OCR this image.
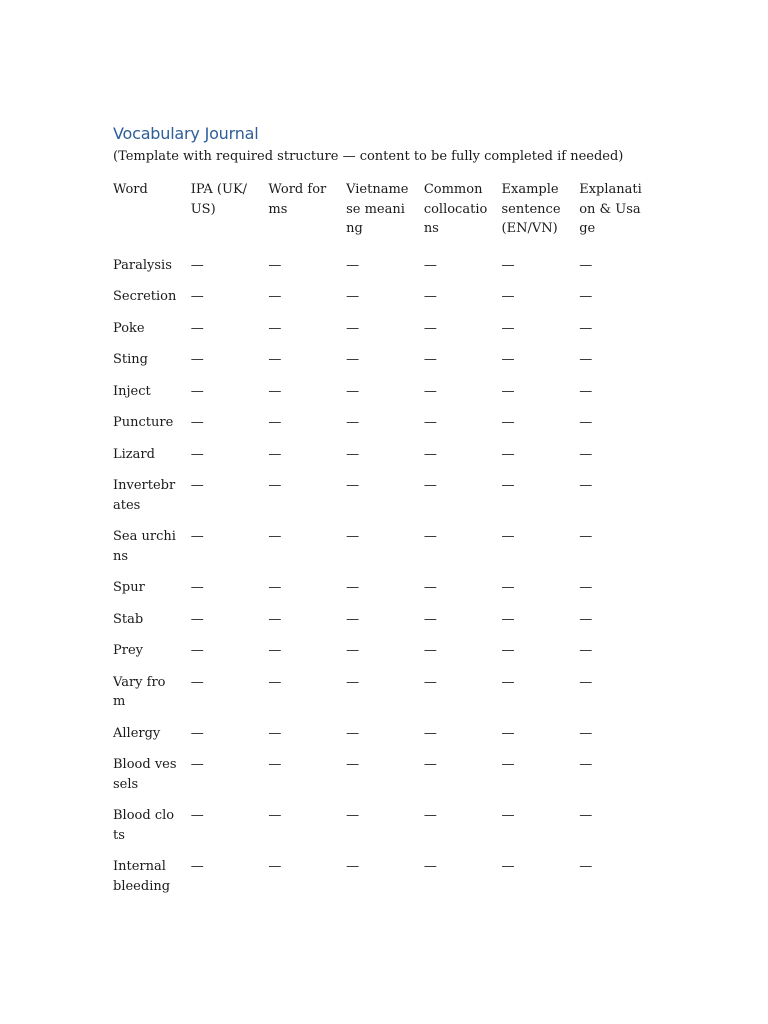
Vocabulary Journal

(Template with required structure — content to be fully completed if needed)

Word	IPA (UK/US)	Word forms	Vietnamese meaning	Common collocations	Example sentence (EN/VN)	Explanation & Usage
Paralysis	—	—	—	—	—	—
Secretion	—	—	—	—	—	—
Poke	—	—	—	—	—	—
Sting	—	—	—	—	—	—
Inject	—	—	—	—	—	—
Puncture	—	—	—	—	—	—
Lizard	—	—	—	—	—	—
Invertebrates	—	—	—	—	—	—
Sea urchins	—	—	—	—	—	—
Spur	—	—	—	—	—	—
Stab	—	—	—	—	—	—
Prey	—	—	—	—	—	—
Vary from	—	—	—	—	—	—
Allergy	—	—	—	—	—	—
Blood vessels	—	—	—	—	—	—
Blood clots	—	—	—	—	—	—
Internal bleeding	—	—	—	—	—	—
